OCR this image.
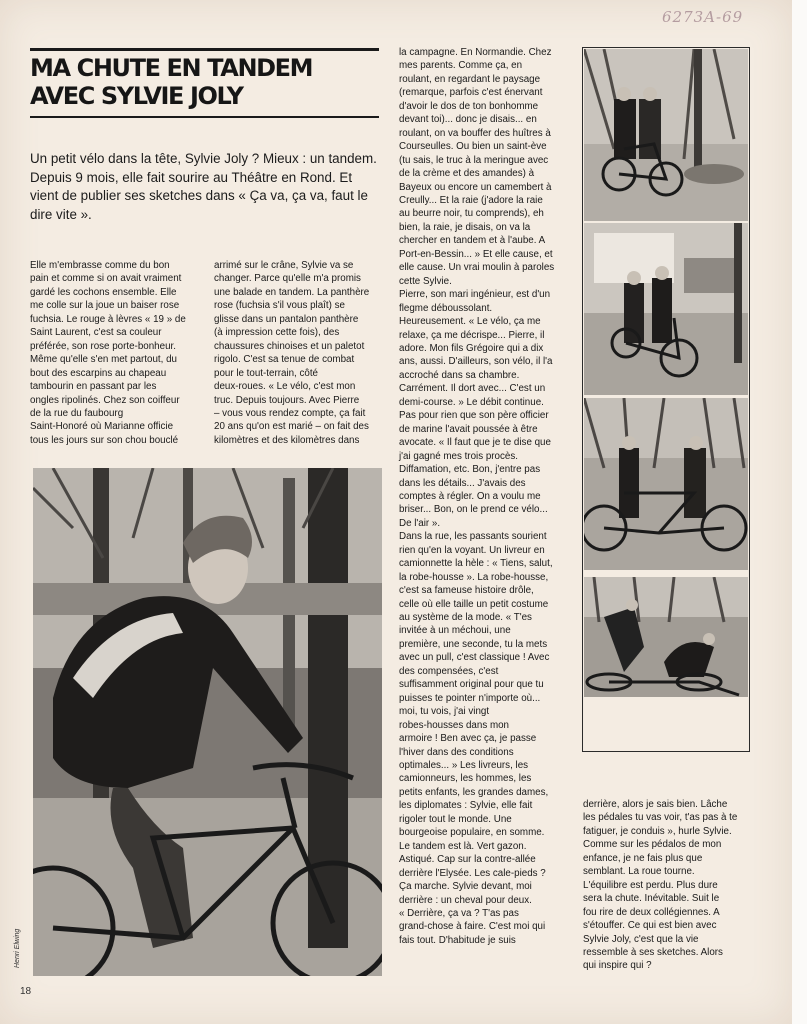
6273A-69
MA CHUTE EN TANDEM
AVEC SYLVIE JOLY

Un petit vélo dans la tête, Sylvie Joly ? Mieux : un tandem. Depuis 9 mois, elle fait sourire au Théâtre en Rond. Et vient de publier ses sketches dans « Ça va, ça va, faut le dire vite ».

Elle m'embrasse comme du bon

pain et comme si on avait vraiment

gardé les cochons ensemble. Elle

me colle sur la joue un baiser rose

fuchsia. Le rouge à lèvres « 19 » de

Saint Laurent, c'est sa couleur

préférée, son rose porte-bonheur.

Même qu'elle s'en met partout, du

bout des escarpins au chapeau

tambourin en passant par les

ongles ripolinés. Chez son coiffeur

de la rue du faubourg

Saint-Honoré où Marianne officie

tous les jours sur son chou bouclé

arrimé sur le crâne, Sylvie va se

changer. Parce qu'elle m'a promis

une balade en tandem. La panthère

rose (fuchsia s'il vous plaît) se

glisse dans un pantalon panthère

(à impression cette fois), des

chaussures chinoises et un paletot

rigolo. C'est sa tenue de combat

pour le tout-terrain, côté

deux-roues. « Le vélo, c'est mon

truc. Depuis toujours. Avec Pierre

– vous vous rendez compte, ça fait

20 ans qu'on est marié – on fait des

kilomètres et des kilomètres dans

la campagne. En Normandie. Chez

mes parents. Comme ça, en

roulant, en regardant le paysage

(remarque, parfois c'est énervant

d'avoir le dos de ton bonhomme

devant toi)... donc je disais... en

roulant, on va bouffer des huîtres à

Courseulles. Ou bien un saint-ève

(tu sais, le truc à la meringue avec

de la crème et des amandes) à

Bayeux ou encore un camembert à

Creully... Et la raie (j'adore la raie

au beurre noir, tu comprends), eh

bien, la raie, je disais, on va la

chercher en tandem et à l'aube. A

Port-en-Bessin... » Et elle cause, et

elle cause. Un vrai moulin à paroles

cette Sylvie.

Pierre, son mari ingénieur, est d'un

flegme déboussolant.

Heureusement. « Le vélo, ça me

relaxe, ça me décrispe... Pierre, il

adore. Mon fils Grégoire qui a dix

ans, aussi. D'ailleurs, son vélo, il l'a

accroché dans sa chambre.

Carrément. Il dort avec... C'est un

demi-course. » Le débit continue.

Pas pour rien que son père officier

de marine l'avait poussée à être

avocate. « Il faut que je te dise que

j'ai gagné mes trois procès.

Diffamation, etc. Bon, j'entre pas

dans les détails... J'avais des

comptes à régler. On a voulu me

briser... Bon, on le prend ce vélo...

De l'air ».

Dans la rue, les passants sourient

rien qu'en la voyant. Un livreur en

camionnette la hèle : « Tiens, salut,

la robe-housse ». La robe-housse,

c'est sa fameuse histoire drôle,

celle où elle taille un petit costume

au système de la mode. « T'es

invitée à un méchoui, une

première, une seconde, tu la mets

avec un pull, c'est classique ! Avec

des compensées, c'est

suffisamment original pour que tu

puisses te pointer n'importe où...

moi, tu vois, j'ai vingt

robes-housses dans mon

armoire ! Ben avec ça, je passe

l'hiver dans des conditions

optimales... » Les livreurs, les

camionneurs, les hommes, les

petits enfants, les grandes dames,

les diplomates : Sylvie, elle fait

rigoler tout le monde. Une

bourgeoise populaire, en somme.

Le tandem est là. Vert gazon.

Astiqué. Cap sur la contre-allée

derrière l'Elysée. Les cale-pieds ?

Ça marche. Sylvie devant, moi

derrière : un cheval pour deux.

« Derrière, ça va ? T'as pas

grand-chose à faire. C'est moi qui

fais tout. D'habitude je suis

derrière, alors je sais bien. Lâche

les pédales tu vas voir, t'as pas à te

fatiguer, je conduis », hurle Sylvie.

Comme sur les pédalos de mon

enfance, je ne fais plus que

semblant. La roue tourne.

L'équilibre est perdu. Plus dure

sera la chute. Inévitable. Suit le

fou rire de deux collégiennes. A

s'étouffer. Ce qui est bien avec

Sylvie Joly, c'est que la vie

ressemble à ses sketches. Alors

qui inspire qui ?

Henri Elwing
18
